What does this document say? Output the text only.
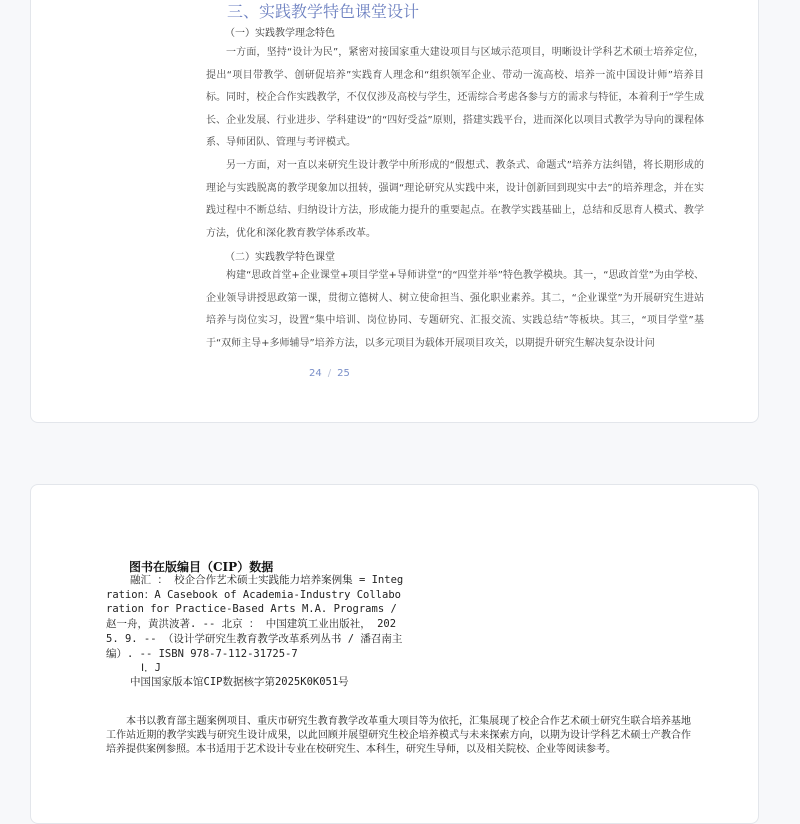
三、实践教学特色课堂设计
（一）实践教学理念特色
一方面，坚持“设计为民”，紧密对接国家重大建设项目与区域示范项目，明晰设计学科艺术硕士培养定位，提出“项目带教学、创研促培养”实践育人理念和“组织领军企业、带动一流高校、培养一流中国设计师”培养目标。同时，校企合作实践教学，不仅仅涉及高校与学生，还需综合考虑各参与方的需求与特征，本着利于“学生成长、企业发展、行业进步、学科建设”的“四好受益”原则，搭建实践平台，进而深化以项目式教学为导向的课程体系、导师团队、管理与考评模式。
另一方面，对一直以来研究生设计教学中所形成的“假想式、教条式、命题式”培养方法纠错，将长期形成的理论与实践脱离的教学现象加以扭转，强调“理论研究从实践中来，设计创新回到现实中去”的培养理念，并在实践过程中不断总结、归纳设计方法，形成能力提升的重要起点。在教学实践基础上，总结和反思育人模式、教学方法，优化和深化教育教学体系改革。
（二）实践教学特色课堂
构建“思政首堂+企业课堂+项目学堂+导师讲堂”的“四堂并举”特色教学模块。其一，“思政首堂”为由学校、企业领导讲授思政第一课，贯彻立德树人、树立使命担当、强化职业素养。其二，“企业课堂”为开展研究生进站培养与岗位实习，设置“集中培训、岗位协同、专题研究、汇报交流、实践总结”等板块。其三，“项目学堂”基于“双师主导+多师辅导”培养方法，以多元项目为载体开展项目攻关，以期提升研究生解决复杂设计问
24 / 25
图书在版编目（CIP）数据
融汇 ： 校企合作艺术硕士实践能力培养案例集 = Integration：A Casebook of Academia-Industry Collaboration for Practice-Based Arts M.A. Programs / 赵一舟，黄洪波著. -- 北京 ： 中国建筑工业出版社， 2025. 9. -- （设计学研究生教育教学改革系列丛书 / 潘召南主编）. -- ISBN 978-7-112-31725-7
Ⅰ．J
中国国家版本馆CIP数据核字第2025K0K051号
本书以教育部主题案例项目、重庆市研究生教育教学改革重大项目等为依托，汇集展现了校企合作艺术硕士研究生联合培养基地工作站近期的教学实践与研究生设计成果，以此回顾并展望研究生校企培养模式与未来探索方向，以期为设计学科艺术硕士产教合作培养提供案例参照。本书适用于艺术设计专业在校研究生、本科生，研究生导师，以及相关院校、企业等阅读参考。
